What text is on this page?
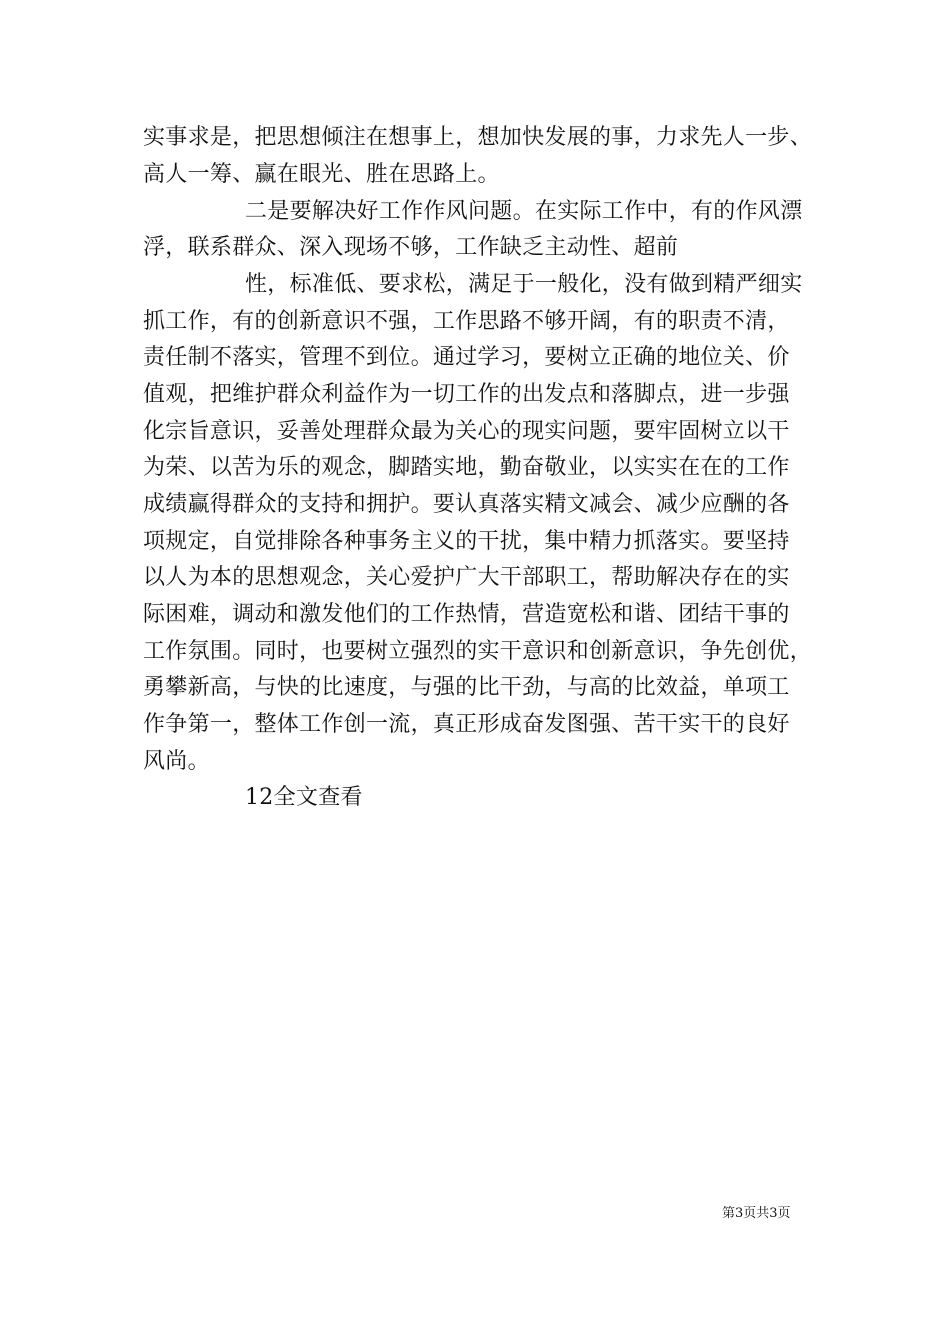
实事求是，把思想倾注在想事上，想加快发展的事，力求先人一步、
高人一筹、赢在眼光、胜在思路上。
二是要解决好工作作风问题。在实际工作中，有的作风漂
浮，联系群众、深入现场不够，工作缺乏主动性、超前
性，标准低、要求松，满足于一般化，没有做到精严细实
抓工作，有的创新意识不强，工作思路不够开阔，有的职责不清，
责任制不落实，管理不到位。通过学习，要树立正确的地位关、价
值观，把维护群众利益作为一切工作的出发点和落脚点，进一步强
化宗旨意识，妥善处理群众最为关心的现实问题，要牢固树立以干
为荣、以苦为乐的观念，脚踏实地，勤奋敬业，以实实在在的工作
成绩赢得群众的支持和拥护。要认真落实精文减会、减少应酬的各
项规定，自觉排除各种事务主义的干扰，集中精力抓落实。要坚持
以人为本的思想观念，关心爱护广大干部职工，帮助解决存在的实
际困难，调动和激发他们的工作热情，营造宽松和谐、团结干事的
工作氛围。同时，也要树立强烈的实干意识和创新意识，争先创优，
勇攀新高，与快的比速度，与强的比干劲，与高的比效益，单项工
作争第一，整体工作创一流，真正形成奋发图强、苦干实干的良好
风尚。
12全文查看
第3页共3页
